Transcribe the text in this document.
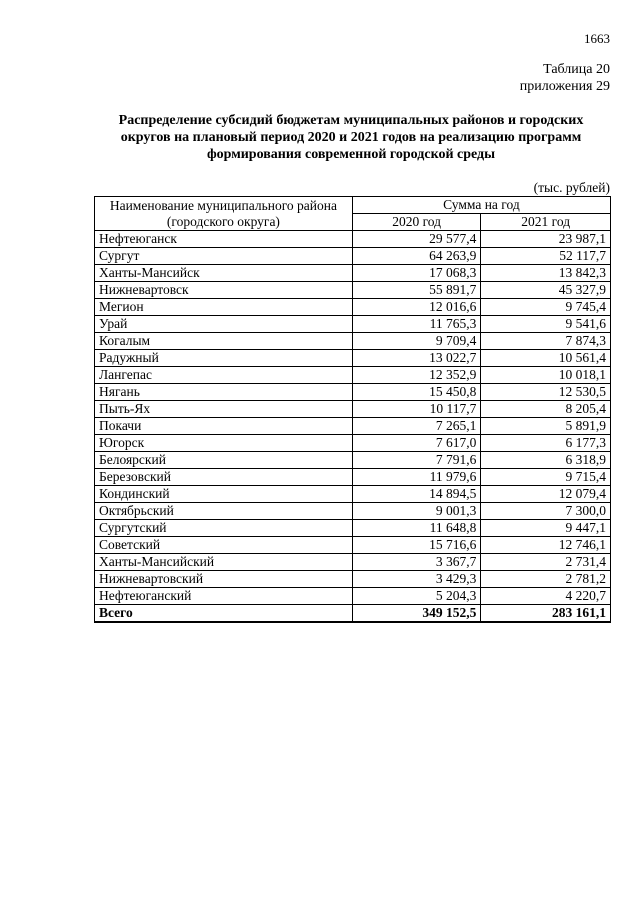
1663
Таблица 20
приложения 29
Распределение субсидий бюджетам муниципальных районов и городских
округов на плановый период 2020 и 2021 годов на реализацию программ
формирования современной городской среды
(тыс. рублей)
Наименование муниципального района
(городского округа)	Сумма на год	
	2020 год	2021 год
Нефтеюганск	29 577,4	23 987,1
Сургут	64 263,9	52 117,7
Ханты-Мансийск	17 068,3	13 842,3
Нижневартовск	55 891,7	45 327,9
Мегион	12 016,6	9 745,4
Урай	11 765,3	9 541,6
Когалым	9 709,4	7 874,3
Радужный	13 022,7	10 561,4
Лангепас	12 352,9	10 018,1
Нягань	15 450,8	12 530,5
Пыть-Ях	10 117,7	8 205,4
Покачи	7 265,1	5 891,9
Югорск	7 617,0	6 177,3
Белоярский	7 791,6	6 318,9
Березовский	11 979,6	9 715,4
Кондинский	14 894,5	12 079,4
Октябрьский	9 001,3	7 300,0
Сургутский	11 648,8	9 447,1
Советский	15 716,6	12 746,1
Ханты-Мансийский	3 367,7	2 731,4
Нижневартовский	3 429,3	2 781,2
Нефтеюганский	5 204,3	4 220,7
Всего	349 152,5	283 161,1
